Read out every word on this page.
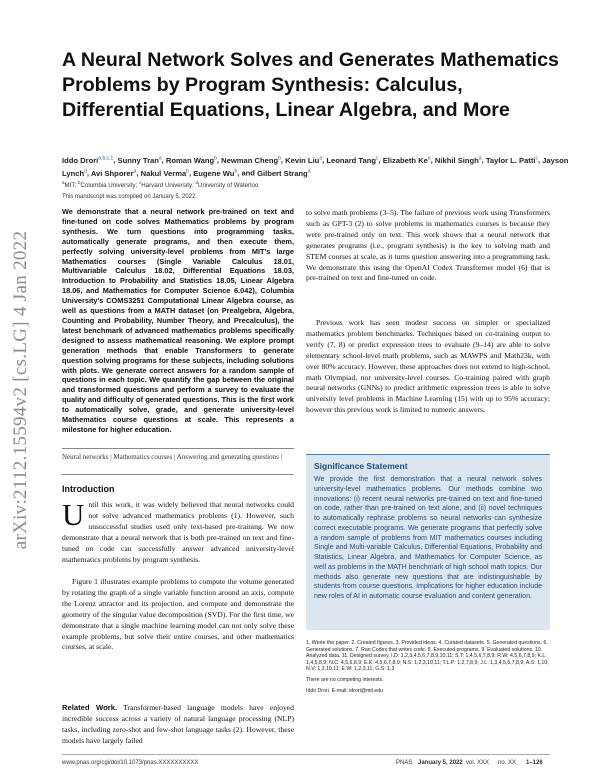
arXiv:2112.15594v2 [cs.LG] 4 Jan 2022
A Neural Network Solves and Generates Mathematics Problems by Program Synthesis: Calculus, Differential Equations, Linear Algebra, and More
Iddo Drori$^{a,b,c,1}$, Sunny Tran$^a$, Roman Wang$^b$, Newman Cheng$^b$, Kevin Liu$^a$, Leonard Tang$^c$, Elizabeth Ke$^a$, Nikhil Singh$^a$, Taylor L. Patti$^c$, Jayson Lynch$^d$, Avi Shporer$^a$, Nakul Verma$^b$, Eugene Wu$^b$, and Gilbert Strang$^a$
$^a$MIT; $^b$Columbia University; $^c$Harvard University; $^d$University of Waterloo
This manuscript was compiled on January 5, 2022

We demonstrate that a neural network pre-trained on text and fine-tuned on code solves Mathematics problems by program synthesis. We turn questions into programming tasks, automatically generate programs, and then execute them, perfectly solving university-level problems from MIT's large Mathematics courses (Single Variable Calculus 18.01, Multivariable Calculus 18.02, Differential Equations 18.03, Introduction to Probability and Statistics 18.05, Linear Algebra 18.06, and Mathematics for Computer Science 6.042), Columbia University's COMS3251 Computational Linear Algebra course, as well as questions from a MATH dataset (on Prealgebra, Algebra, Counting and Probability, Number Theory, and Precalculus), the latest benchmark of advanced mathematics problems specifically designed to assess mathematical reasoning. We explore prompt generation methods that enable Transformers to generate question solving programs for these subjects, including solutions with plots. We generate correct answers for a random sample of questions in each topic. We quantify the gap between the original and transformed questions and perform a survey to evaluate the quality and difficulty of generated questions. This is the first work to automatically solve, grade, and generate university-level Mathematics course questions at scale. This represents a milestone for higher education.

Neural networks | Mathematics courses | Answering and generating questions |
Introduction

Until this work, it was widely believed that neural networks could not solve advanced mathematics problems (1). However, such unsuccessful studies used only text-based pre-training. We now demonstrate that a neural network that is both pre-trained on text and fine-tuned on code can successfully answer advanced university-level mathematics problems by program synthesis.

Figure 1 illustrates example problems to compute the volume generated by rotating the graph of a single variable function around an axis, compute the Lorenz attractor and its projection, and compute and demonstrate the geometry of the singular value decomposition (SVD). For the first time, we demonstrate that a single machine learning model can not only solve these example problems, but solve their entire courses, and other mathematics courses, at scale.

Related Work. Transformer-based language models have enjoyed incredible success across a variety of natural language processing (NLP) tasks, including zero-shot and few-shot language tasks (2). However, these models have largely failed

to solve math problems (3–5). The failure of previous work using Transformers such as GPT-3 (2) to solve problems in mathematics courses is because they were pre-trained only on text. This work shows that a neural network that generates programs (i.e., program synthesis) is the key to solving math and STEM courses at scale, as it turns question answering into a programming task. We demonstrate this using the OpenAI Codex Transformer model (6) that is pre-trained on text and fine-tuned on code.

Previous work has seen modest success on simpler or specialized mathematics problem benchmarks. Techniques based on co-training output to verify (7, 8) or predict expression trees to evaluate (9–14) are able to solve elementary school-level math problems, such as MAWPS and Math23k, with over 80% accuracy. However, these approaches does not extend to high-school, math Olympiad, nor university-level courses. Co-training paired with graph neural networks (GNNs) to predict arithmetic expression trees is able to solve university level problems in Machine Learning (15) with up to 95% accuracy; however this previous work is limited to numeric answers,

Significance Statement

We provide the first demonstration that a neural network solves university-level mathematics problems. Our methods combine two innovations: (i) recent neural networks pre-trained on text and fine-tuned on code, rather than pre-trained on text alone, and (ii) novel techniques to automatically rephrase problems so neural networks can synthesize correct executable programs. We generate programs that perfectly solve a random sample of problems from MIT mathematics courses including Single and Multi-variable Calculus, Differential Equations, Probability and Statistics, Linear Algebra, and Mathematics for Computer Science, as well as problems in the MATH benchmark of high school math topics. Our methods also generate new questions that are indistinguishable by students from course questions. Implications for higher education include new roles of AI in automatic course evaluation and content generation.

1. Wrote the paper. 2. Created figures. 3. Provided ideas. 4. Curated datasets. 5. Generated questions. 6. Generated solutions. 7. Ran Codex that writes code. 8. Executed programs. 9. Evaluated solutions. 10. Analyzed data. 11. Designed survey. I.D: 1,2,3,4,5,6,7,8,9,10,11; S.T: 1,4,5,6,7,8,9; R.W: 4,5,6,7,8,9; K.L: 1,4,5,8,9; N.C: 4,5,6,8,9; E.K: 4,5,6,7,8,9; N.S: 1,2,3,10,11; T.L.P: 1,2,7,8,9; J.L: 1,3,4,5,6,7,8,9; A.S: 1,10; N.V: 1,3,10,11; E.W: 1,2,3,11; G.S: 1,3

There are no competing interests.

Iddo Drori. E-mail: idrori@mit.edu

www.pnas.org/cgi/doi/10.1073/pnas.XXXXXXXXXX	PNAS January 5, 2022 vol. XXX no. XX 1–126
